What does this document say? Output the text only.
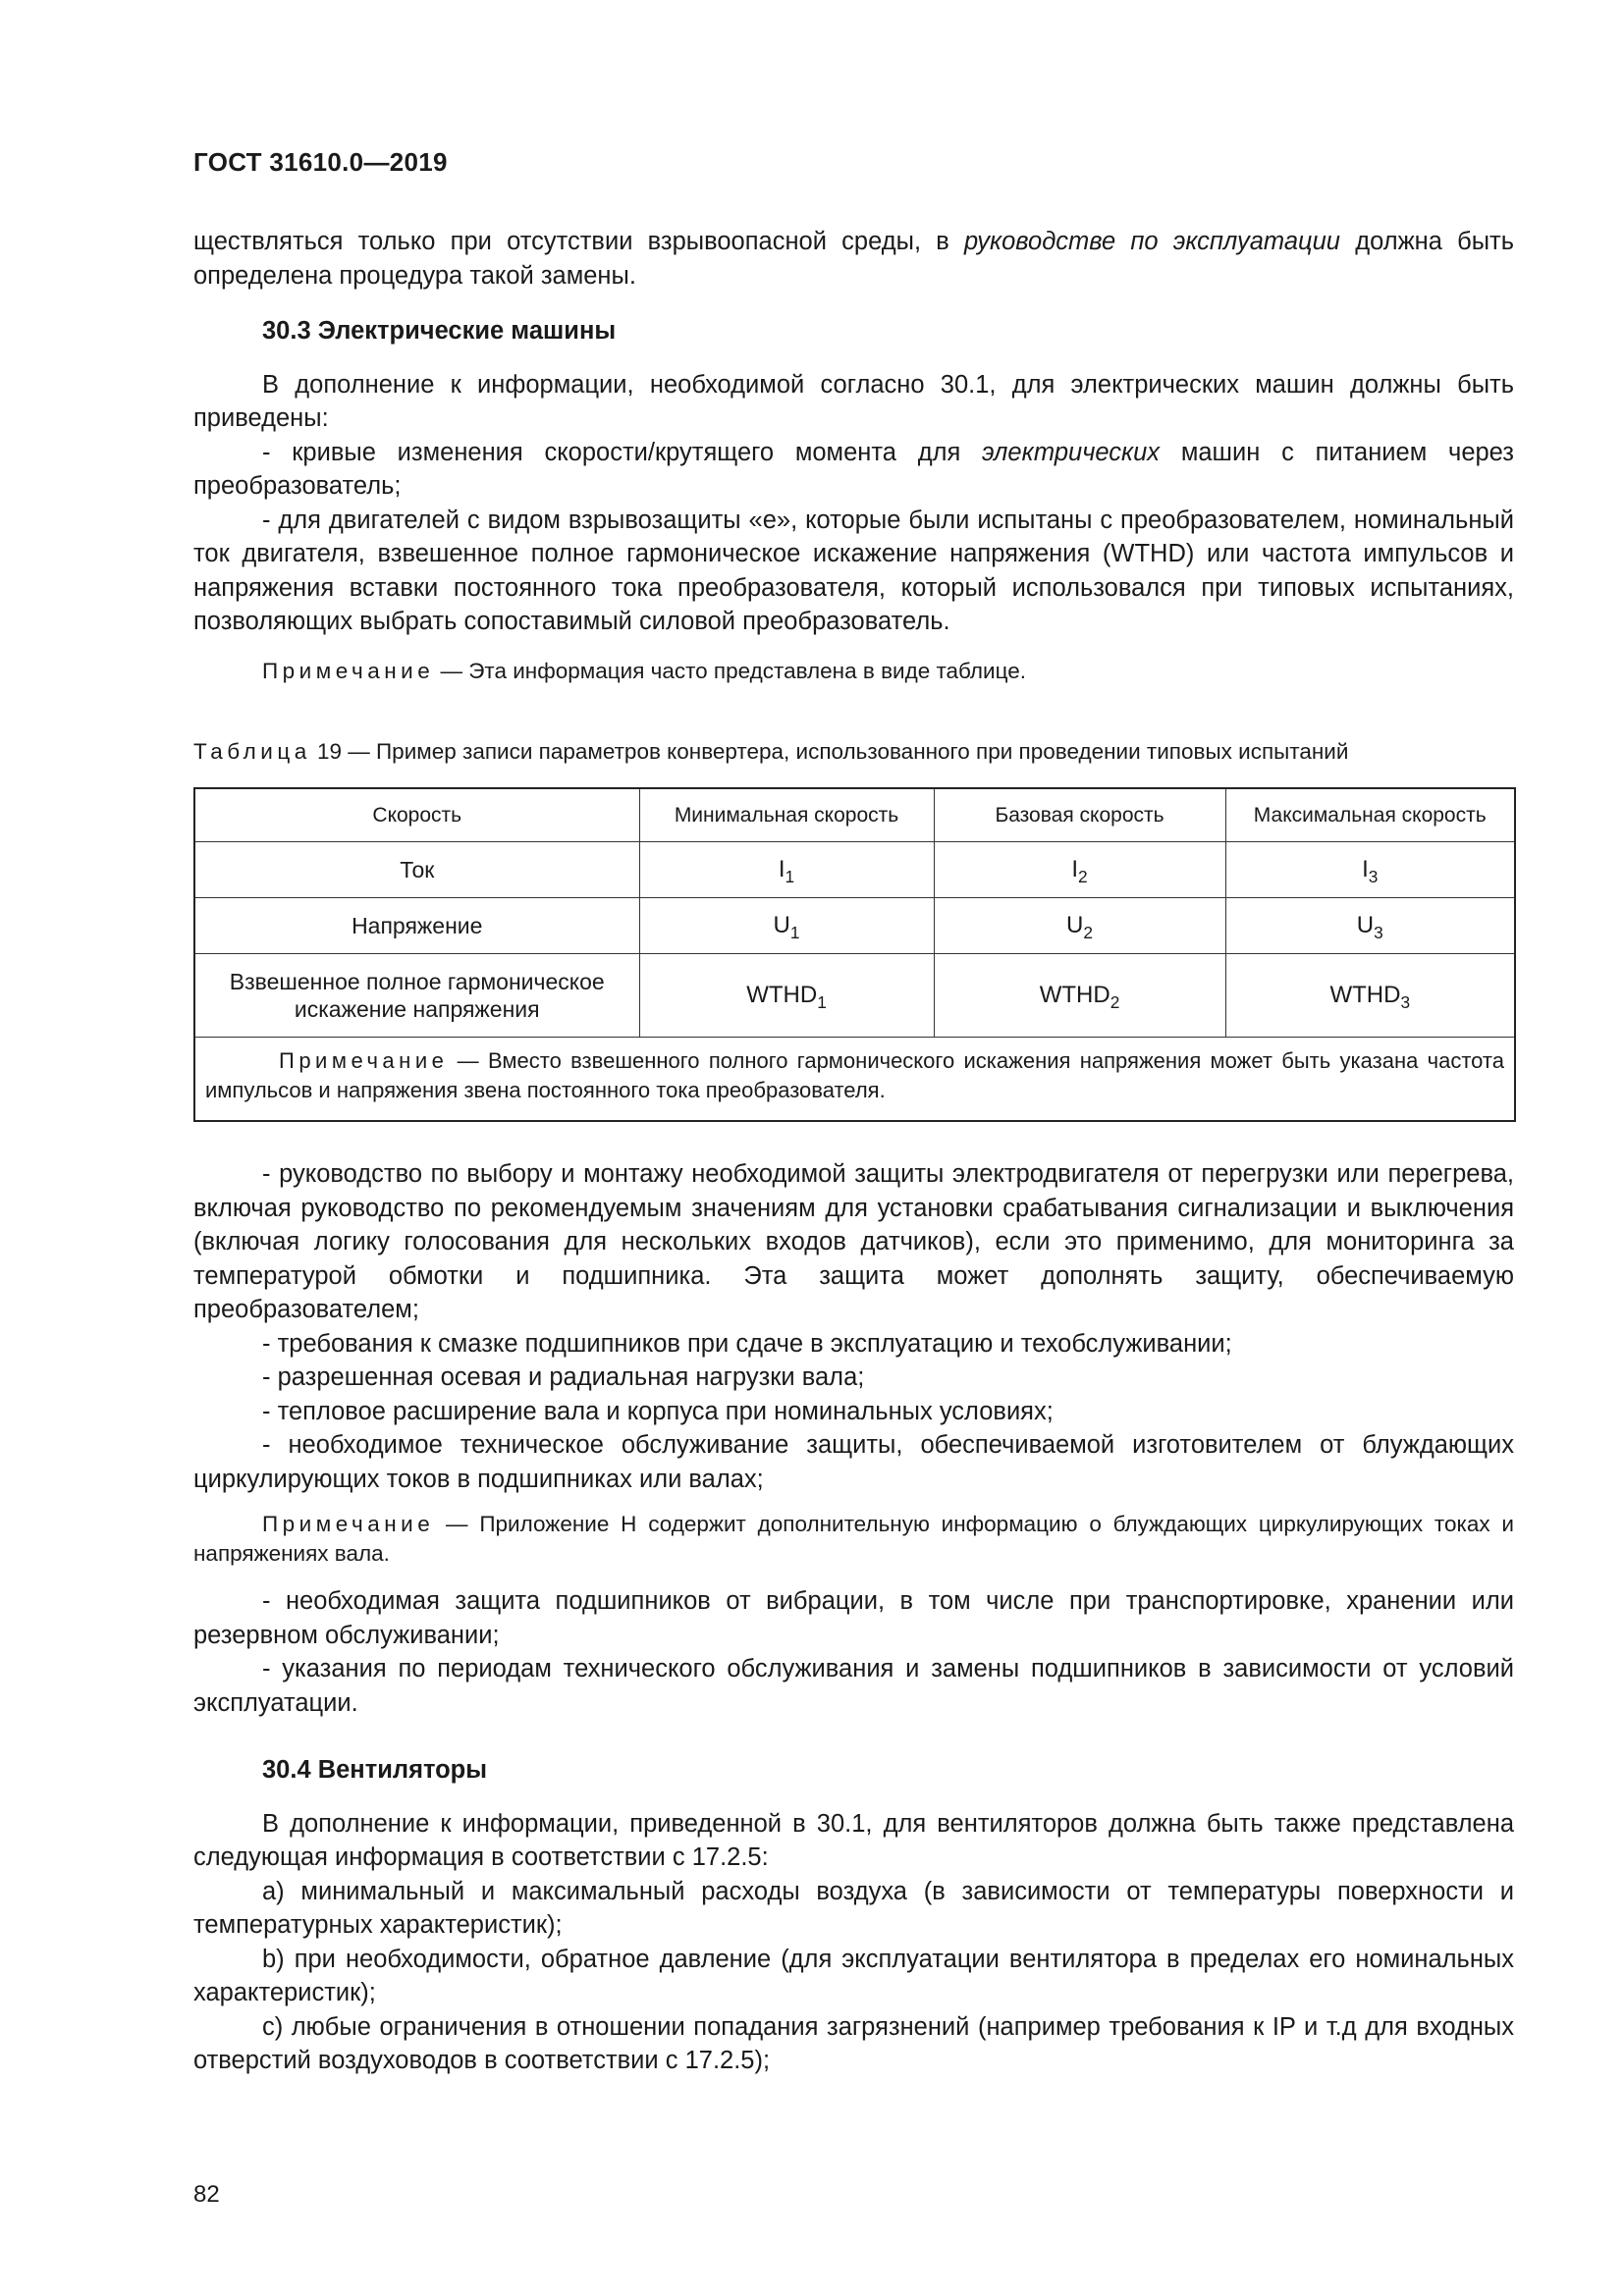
ГОСТ 31610.0—2019

ществляться только при отсутствии взрывоопасной среды, в руководстве по эксплуатации должна быть определена процедура такой замены.

30.3 Электрические машины

В дополнение к информации, необходимой согласно 30.1, для электрических машин должны быть приведены:

- кривые изменения скорости/крутящего момента для электрических машин с питанием через преобразователь;

- для двигателей с видом взрывозащиты «е», которые были испытаны с преобразователем, номинальный ток двигателя, взвешенное полное гармоническое искажение напряжения (WTHD) или частота импульсов и напряжения вставки постоянного тока преобразователя, который использовался при типовых испытаниях, позволяющих выбрать сопоставимый силовой преобразователь.

Примечание — Эта информация часто представлена в виде таблице.

Таблица 19 — Пример записи параметров конвертера, использованного при проведении типовых испытаний
Скорость	Минимальная скорость	Базовая скорость	Максимальная скорость
Ток	$I_1$	$I_2$	$I_3$
Напряжение	$U_1$	$U_2$	$U_3$
Взвешенное полное гармоническое искажение напряжения	$WTHD_1$	$WTHD_2$	$WTHD_3$
Примечание — Вместо взвешенного полного гармонического искажения напряжения может быть указана частота импульсов и напряжения звена постоянного тока преобразователя.			

- руководство по выбору и монтажу необходимой защиты электродвигателя от перегрузки или перегрева, включая руководство по рекомендуемым значениям для установки срабатывания сигнализации и выключения (включая логику голосования для нескольких входов датчиков), если это применимо, для мониторинга за температурой обмотки и подшипника. Эта защита может дополнять защиту, обеспечиваемую преобразователем;

- требования к смазке подшипников при сдаче в эксплуатацию и техобслуживании;

- разрешенная осевая и радиальная нагрузки вала;

- тепловое расширение вала и корпуса при номинальных условиях;

- необходимое техническое обслуживание защиты, обеспечиваемой изготовителем от блуждающих циркулирующих токов в подшипниках или валах;

Примечание — Приложение H содержит дополнительную информацию о блуждающих циркулирующих токах и напряжениях вала.

- необходимая защита подшипников от вибрации, в том числе при транспортировке, хранении или резервном обслуживании;

- указания по периодам технического обслуживания и замены подшипников в зависимости от условий эксплуатации.

30.4 Вентиляторы

В дополнение к информации, приведенной в 30.1, для вентиляторов должна быть также представлена следующая информация в соответствии с 17.2.5:

a) минимальный и максимальный расходы воздуха (в зависимости от температуры поверхности и температурных характеристик);

b) при необходимости, обратное давление (для эксплуатации вентилятора в пределах его номинальных характеристик);

c) любые ограничения в отношении попадания загрязнений (например требования к IP и т.д для входных отверстий воздуховодов в соответствии с 17.2.5);

82
